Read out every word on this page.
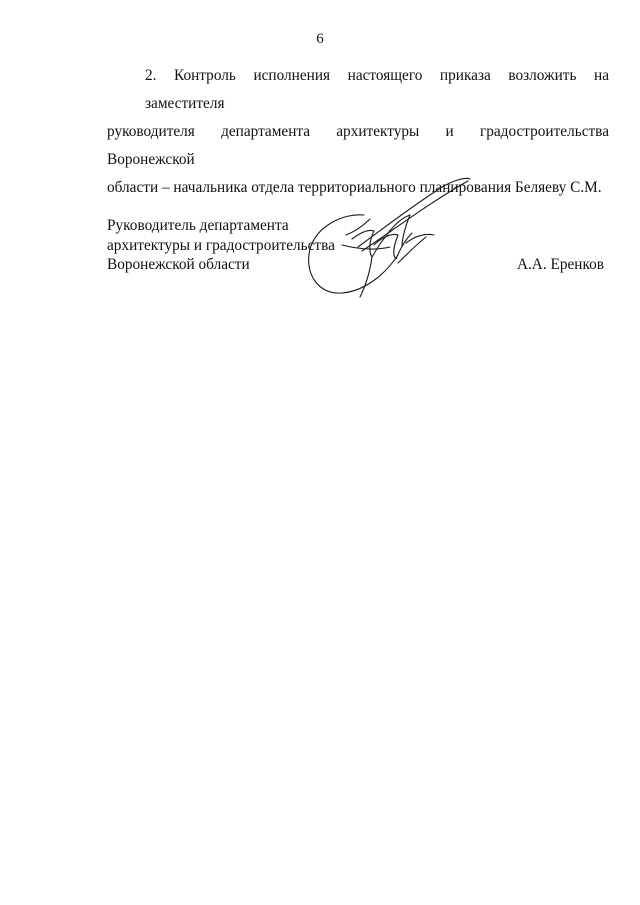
6
2. Контроль исполнения настоящего приказа возложить на заместителя
руководителя департамента архитектуры и градостроительства Воронежской
области – начальника отдела территориального планирования Беляеву С.М.
Руководитель департамента
архитектуры и градостроительства
Воронежской области	А.А. Еренков
